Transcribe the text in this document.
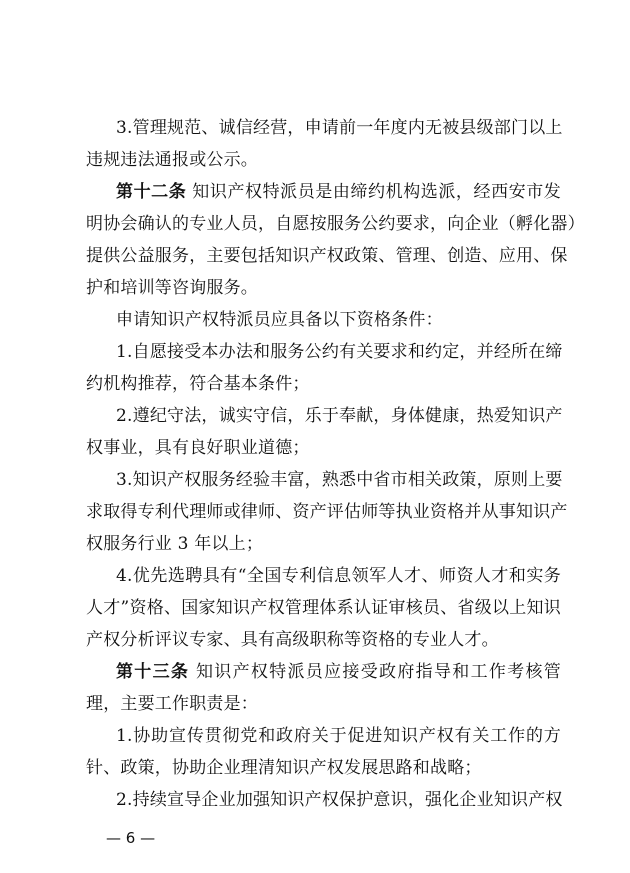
3.管理规范、诚信经营，申请前一年度内无被县级部门以上
违规违法通报或公示。
第十二条 知识产权特派员是由缔约机构选派，经西安市发
明协会确认的专业人员，自愿按服务公约要求，向企业（孵化器）
提供公益服务，主要包括知识产权政策、管理、创造、应用、保
护和培训等咨询服务。
申请知识产权特派员应具备以下资格条件：
1.自愿接受本办法和服务公约有关要求和约定，并经所在缔
约机构推荐，符合基本条件；
2.遵纪守法，诚实守信，乐于奉献，身体健康，热爱知识产
权事业，具有良好职业道德；
3.知识产权服务经验丰富，熟悉中省市相关政策，原则上要
求取得专利代理师或律师、资产评估师等执业资格并从事知识产
权服务行业 3 年以上；
4.优先选聘具有“全国专利信息领军人才、师资人才和实务
人才”资格、国家知识产权管理体系认证审核员、省级以上知识
产权分析评议专家、具有高级职称等资格的专业人才。
第十三条 知识产权特派员应接受政府指导和工作考核管
理，主要工作职责是：
1.协助宣传贯彻党和政府关于促进知识产权有关工作的方
针、政策，协助企业理清知识产权发展思路和战略；
2.持续宣导企业加强知识产权保护意识，强化企业知识产权
— 6 —
